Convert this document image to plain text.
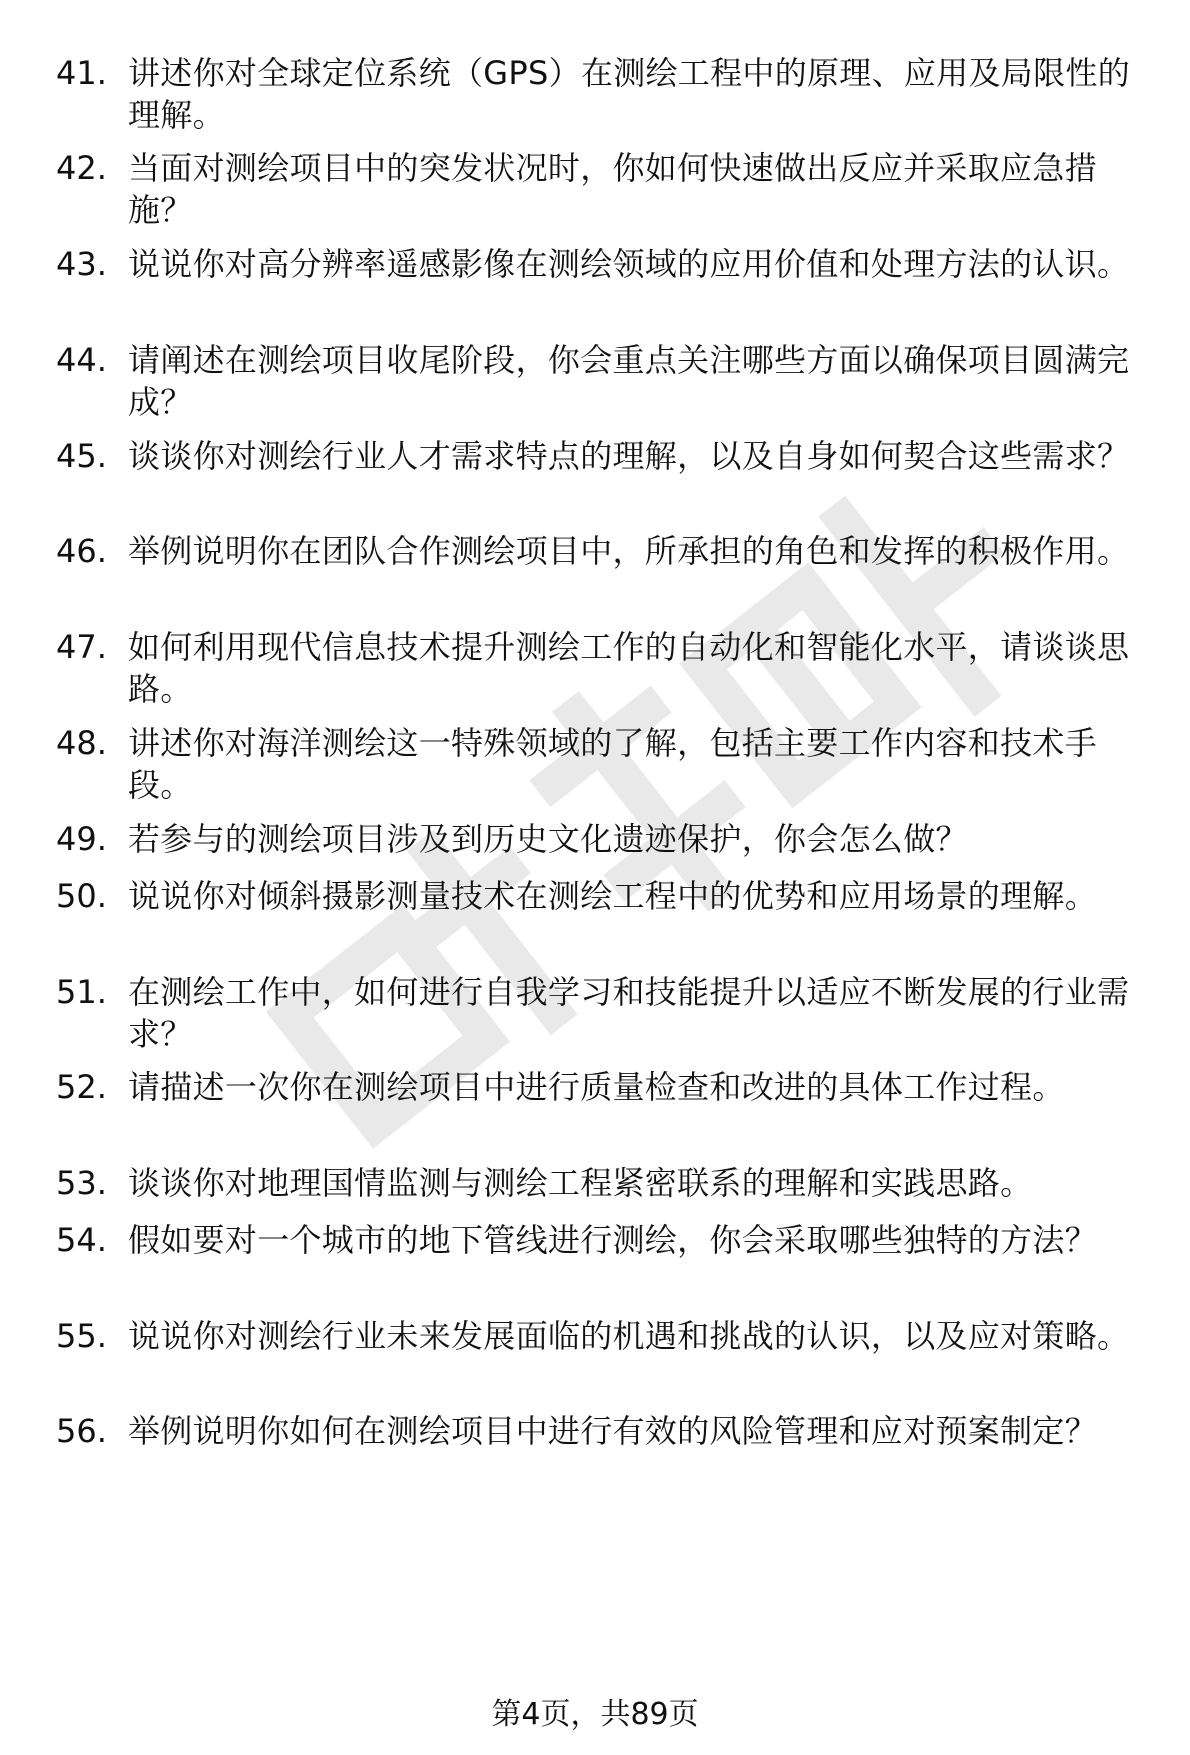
41. 讲述你对全球定位系统（GPS）在测绘工程中的原理、应用及局限性的理解。
42. 当面对测绘项目中的突发状况时，你如何快速做出反应并采取应急措施？
43. 说说你对高分辨率遥感影像在测绘领域的应用价值和处理方法的认识。
44. 请阐述在测绘项目收尾阶段，你会重点关注哪些方面以确保项目圆满完成？
45. 谈谈你对测绘行业人才需求特点的理解，以及自身如何契合这些需求？
46. 举例说明你在团队合作测绘项目中，所承担的角色和发挥的积极作用。
47. 如何利用现代信息技术提升测绘工作的自动化和智能化水平，请谈谈思路。
48. 讲述你对海洋测绘这一特殊领域的了解，包括主要工作内容和技术手段。
49. 若参与的测绘项目涉及到历史文化遗迹保护，你会怎么做？
50. 说说你对倾斜摄影测量技术在测绘工程中的优势和应用场景的理解。
51. 在测绘工作中，如何进行自我学习和技能提升以适应不断发展的行业需求？
52. 请描述一次你在测绘项目中进行质量检查和改进的具体工作过程。
53. 谈谈你对地理国情监测与测绘工程紧密联系的理解和实践思路。
54. 假如要对一个城市的地下管线进行测绘，你会采取哪些独特的方法？
55. 说说你对测绘行业未来发展面临的机遇和挑战的认识，以及应对策略。
56. 举例说明你如何在测绘项目中进行有效的风险管理和应对预案制定？
第4页，共89页
